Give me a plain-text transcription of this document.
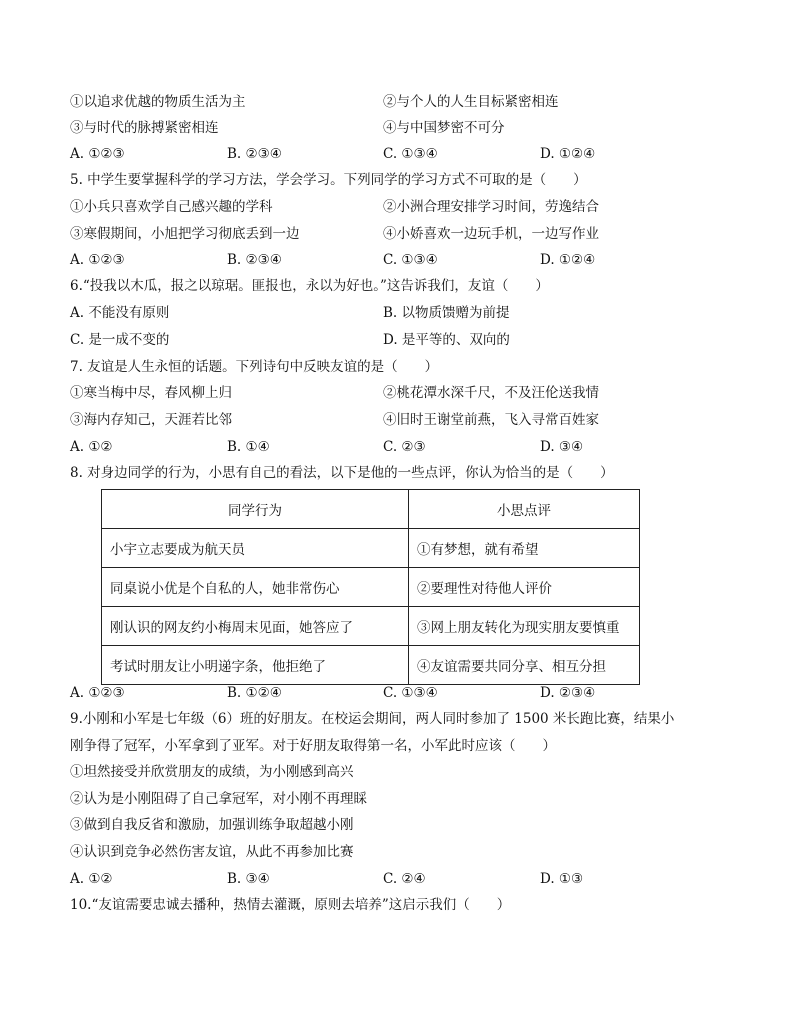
①以追求优越的物质生活为主	②与个人的人生目标紧密相连
③与时代的脉搏紧密相连	④与中国梦密不可分
A. ①②③	B. ②③④	C. ①③④	D. ①②④
5. 中学生要掌握科学的学习方法，学会学习。下列同学的学习方式不可取的是（　　）
①小兵只喜欢学自己感兴趣的学科	②小洲合理安排学习时间，劳逸结合
③寒假期间，小旭把学习彻底丢到一边	④小娇喜欢一边玩手机，一边写作业
A. ①②③	B. ②③④	C. ①③④	D. ①②④
6.“投我以木瓜，报之以琼琚。匪报也，永以为好也。”这告诉我们，友谊（　　）
A. 不能没有原则	B. 以物质馈赠为前提
C. 是一成不变的	D. 是平等的、双向的
7. 友谊是人生永恒的话题。下列诗句中反映友谊的是（　　）
①寒当梅中尽，春风柳上归	②桃花潭水深千尺，不及汪伦送我情
③海内存知己，天涯若比邻	④旧时王谢堂前燕，飞入寻常百姓家
A. ①②	B. ①④	C. ②③	D. ③④
8. 对身边同学的行为，小思有自己的看法，以下是他的一些点评，你认为恰当的是（　　）
同学行为	小思点评
小宇立志要成为航天员	①有梦想，就有希望
同桌说小优是个自私的人，她非常伤心	②要理性对待他人评价
刚认识的网友约小梅周末见面，她答应了	③网上朋友转化为现实朋友要慎重
考试时朋友让小明递字条，他拒绝了	④友谊需要共同分享、相互分担
A. ①②③	B. ①②④	C. ①③④	D. ②③④
9.小刚和小军是七年级（6）班的好朋友。在校运会期间，两人同时参加了 1500 米长跑比赛，结果小
刚争得了冠军，小军拿到了亚军。对于好朋友取得第一名，小军此时应该（　　）
①坦然接受并欣赏朋友的成绩，为小刚感到高兴
②认为是小刚阻碍了自己拿冠军，对小刚不再理睬
③做到自我反省和激励，加强训练争取超越小刚
④认识到竞争必然伤害友谊，从此不再参加比赛
A. ①②	B. ③④	C. ②④	D. ①③
10.“友谊需要忠诚去播种，热情去灌溉，原则去培养”这启示我们（　　）
